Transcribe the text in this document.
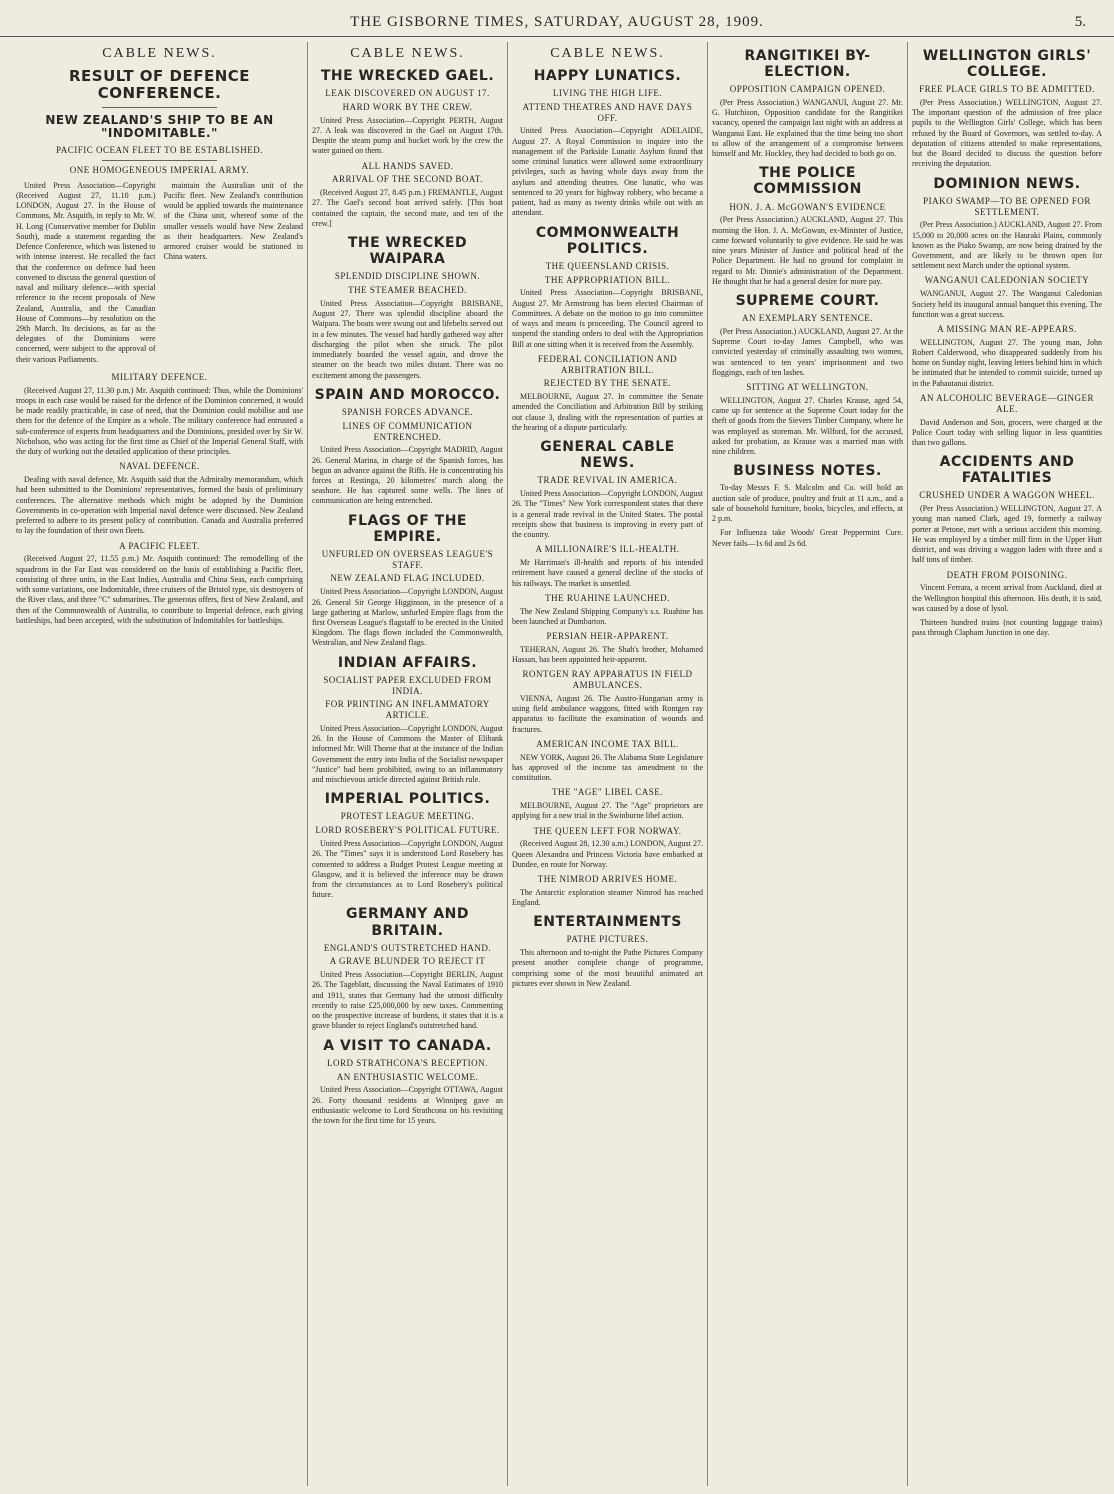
THE GISBORNE TIMES, SATURDAY, AUGUST 28, 1909.	5.
CABLE NEWS.
RESULT OF DEFENCE CONFERENCE.
NEW ZEALAND'S SHIP TO BE AN "INDOMITABLE."
PACIFIC OCEAN FLEET TO BE ESTABLISHED.
ONE HOMOGENEOUS IMPERIAL ARMY.

United Press Association—Copyright (Received August 27, 11.10 p.m.) LONDON, August 27. In the House of Commons, Mr. Asquith, in reply to Mr. W. H. Long (Conservative member for Dublin South), made a statement regarding the Defence Conference, which was listened to with intense interest. He recalled the fact that the conference on defence had been convened to discuss the general question of naval and military defence—with special reference to the recent proposals of New Zealand, Australia, and the Canadian House of Commons—by resolution on the 29th March. Its decisions, as far as the delegates of the Dominions were concerned, were subject to the approval of their various Parliaments.

maintain the Australian unit of the Pacific fleet. New Zealand's contribution would be applied towards the maintenance of the China unit, whereof some of the smaller vessels would have New Zealand as their headquarters. New Zealand's armored cruiser would be stationed in China waters.

MILITARY DEFENCE.

(Received August 27, 11.30 p.m.) Mr. Asquith continued: Thus, while the Dominions' troops in each case would be raised for the defence of the Dominion concerned, it would be made readily practicable, in case of need, that the Dominion could mobilise and use them for the defence of the Empire as a whole. The military conference had entrusted a sub-conference of experts from headquarters and the Dominions, presided over by Sir W. Nicholson, who was acting for the first time as Chief of the Imperial General Staff, with the duty of working out the detailed application of these principles.

NAVAL DEFENCE.

Dealing with naval defence, Mr. Asquith said that the Admiralty memorandum, which had been submitted to the Dominions' representatives, formed the basis of preliminary conferences. The alternative methods which might be adopted by the Dominion Governments in co-operation with Imperial naval defence were discussed. New Zealand preferred to adhere to its present policy of contribution. Canada and Australia preferred to lay the foundation of their own fleets.

A PACIFIC FLEET.

(Received August 27, 11.55 p.m.) Mr. Asquith continued: The remodelling of the squadrons in the Far East was considered on the basis of establishing a Pacific fleet, consisting of three units, in the East Indies, Australia and China Seas, each comprising with some variations, one Indomitable, three cruisers of the Bristol type, six destroyers of the River class, and three "C" submarines. The generous offers, first of New Zealand, and then of the Commonwealth of Australia, to contribute to Imperial defence, each giving battleships, had been accepted, with the substitution of Indomitables for battleships.

CABLE NEWS.
THE WRECKED GAEL.
LEAK DISCOVERED ON AUGUST 17.
HARD WORK BY THE CREW.

United Press Association—Copyright PERTH, August 27. A leak was discovered in the Gael on August 17th. Despite the steam pump and bucket work by the crew the water gained on them.

ALL HANDS SAVED.
ARRIVAL OF THE SECOND BOAT.

(Received August 27, 8.45 p.m.) FREMANTLE, August 27. The Gael's second boat arrived safely. [This boat contained the captain, the second mate, and ten of the crew.]

THE WRECKED WAIPARA
SPLENDID DISCIPLINE SHOWN.
THE STEAMER BEACHED.

United Press Association—Copyright BRISBANE, August 27. There was splendid discipline aboard the Waipara. The boats were swung out and lifebelts served out in a few minutes. The vessel had hardly gathered way after discharging the pilot when she struck. The pilot immediately boarded the vessel again, and drove the steamer on the beach two miles distant. There was no excitement among the passengers.

SPAIN AND MOROCCO.
SPANISH FORCES ADVANCE.
LINES OF COMMUNICATION ENTRENCHED.

United Press Association—Copyright MADRID, August 26. General Marina, in charge of the Spanish forces, has begun an advance against the Riffs. He is concentrating his forces at Restinga, 20 kilometres' march along the seashore. He has captured some wells. The lines of communication are being entrenched.

FLAGS OF THE EMPIRE.
UNFURLED ON OVERSEAS LEAGUE'S STAFF.
NEW ZEALAND FLAG INCLUDED.

United Press Association—Copyright LONDON, August 26. General Sir George Higginson, in the presence of a large gathering at Marlow, unfurled Empire flags from the first Overseas League's flagstaff to be erected in the United Kingdom. The flags flown included the Commonwealth, Westralian, and New Zealand flags.

INDIAN AFFAIRS.
SOCIALIST PAPER EXCLUDED FROM INDIA.
FOR PRINTING AN INFLAMMATORY ARTICLE.

United Press Association—Copyright LONDON, August 26. In the House of Commons the Master of Elibank informed Mr. Will Thorne that at the instance of the Indian Government the entry into India of the Socialist newspaper "Justice" had been prohibited, owing to an inflammatory and mischievous article directed against British rule.

IMPERIAL POLITICS.
PROTEST LEAGUE MEETING.
LORD ROSEBERY'S POLITICAL FUTURE.

United Press Association—Copyright LONDON, August 26. The "Times" says it is understood Lord Rosebery has consented to address a Budget Protest League meeting at Glasgow, and it is believed the inference may be drawn from the circumstances as to Lord Rosebery's political future.

GERMANY AND BRITAIN.
ENGLAND'S OUTSTRETCHED HAND.
A GRAVE BLUNDER TO REJECT IT

United Press Association—Copyright BERLIN, August 26. The Tageblatt, discussing the Naval Estimates of 1910 and 1911, states that Germany had the utmost difficulty recently to raise £25,000,000 by new taxes. Commenting on the prospective increase of burdens, it states that it is a grave blunder to reject England's outstretched hand.

A VISIT TO CANADA.
LORD STRATHCONA'S RECEPTION.
AN ENTHUSIASTIC WELCOME.

United Press Association—Copyright OTTAWA, August 26. Forty thousand residents at Winnipeg gave an enthusiastic welcome to Lord Strathcona on his revisiting the town for the first time for 15 years.

CABLE NEWS.
HAPPY LUNATICS.
LIVING THE HIGH LIFE.
ATTEND THEATRES AND HAVE DAYS OFF.

United Press Association—Copyright ADELAIDE, August 27. A Royal Commission to inquire into the management of the Parkside Lunatic Asylum found that some criminal lunatics were allowed some extraordinary privileges, such as having whole days away from the asylum and attending theatres. One lunatic, who was sentenced to 20 years for highway robbery, who became a patient, had as many as twenty drinks while out with an attendant.

COMMONWEALTH POLITICS.
THE QUEENSLAND CRISIS.
THE APPROPRIATION BILL.

United Press Association—Copyright BRISBANE, August 27. Mr Armstrong has been elected Chairman of Committees. A debate on the motion to go into committee of ways and means is proceeding. The Council agreed to suspend the standing orders to deal with the Appropriation Bill at one sitting when it is received from the Assembly.

FEDERAL CONCILIATION AND ARBITRATION BILL.
REJECTED BY THE SENATE.

MELBOURNE, August 27. In committee the Senate amended the Conciliation and Arbitration Bill by striking out clause 3, dealing with the representation of parties at the hearing of a dispute particularly.

GENERAL CABLE NEWS.
TRADE REVIVAL IN AMERICA.

United Press Association—Copyright LONDON, August 26. The "Times" New York correspondent states that there is a general trade revival in the United States. The postal receipts show that business is improving in every part of the country.

A MILLIONAIRE'S ILL-HEALTH.

Mr Harriman's ill-health and reports of his intended retirement have caused a general decline of the stocks of his railways. The market is unsettled.

THE RUAHINE LAUNCHED.

The New Zealand Shipping Company's s.s. Ruahine has been launched at Dumbarton.

PERSIAN HEIR-APPARENT.

TEHERAN, August 26. The Shah's brother, Mohamed Hassan, has been appointed heir-apparent.

RONTGEN RAY APPARATUS IN FIELD AMBULANCES.

VIENNA, August 26. The Austro-Hungarian army is using field ambulance waggons, fitted with Rontgen ray apparatus to facilitate the examination of wounds and fractures.

AMERICAN INCOME TAX BILL.

NEW YORK, August 26. The Alabama State Legislature has approved of the income tax amendment to the constitution.

THE "AGE" LIBEL CASE.

MELBOURNE, August 27. The "Age" proprietors are applying for a new trial in the Swinburne libel action.

THE QUEEN LEFT FOR NORWAY.

(Received August 28, 12.30 a.m.) LONDON, August 27. Queen Alexandra and Princess Victoria have embarked at Dundee, en route for Norway.

THE NIMROD ARRIVES HOME.

The Antarctic exploration steamer Nimrod has reached England.

ENTERTAINMENTS
PATHE PICTURES.

This afternoon and to-night the Pathe Pictures Company present another complete change of programme, comprising some of the most beautiful animated art pictures ever shown in New Zealand.

RANGITIKEI BY-ELECTION.
OPPOSITION CAMPAIGN OPENED.

(Per Press Association.) WANGANUI, August 27. Mr. G. Hutchison, Opposition candidate for the Rangitikei vacancy, opened the campaign last night with an address at Wanganui East. He explained that the time being too short to allow of the arrangement of a compromise between himself and Mr. Hockley, they had decided to both go on.

THE POLICE COMMISSION
HON. J. A. McGOWAN'S EVIDENCE

(Per Press Association.) AUCKLAND, August 27. This morning the Hon. J. A. McGowan, ex-Minister of Justice, came forward voluntarily to give evidence. He said he was nine years Minister of Justice and political head of the Police Department. He had no ground for complaint in regard to Mr. Dinnie's administration of the Department. He thought that he had a general desire for more pay.

SUPREME COURT.
AN EXEMPLARY SENTENCE.

(Per Press Association.) AUCKLAND, August 27. At the Supreme Court to-day James Campbell, who was convicted yesterday of criminally assaulting two women, was sentenced to ten years' imprisonment and two floggings, each of ten lashes.

SITTING AT WELLINGTON.

WELLINGTON, August 27. Charles Krause, aged 54, came up for sentence at the Supreme Court today for the theft of goods from the Sievers Timber Company, where he was employed as storeman. Mr. Wilford, for the accused, asked for probation, as Krause was a married man with nine children.

BUSINESS NOTES.

To-day Messrs F. S. Malcolm and Co. will hold an auction sale of produce, poultry and fruit at 11 a.m., and a sale of household furniture, books, bicycles, and effects, at 2 p.m.

For Influenza take Woods' Great Peppermint Cure. Never fails—1s 6d and 2s 6d.

WELLINGTON GIRLS' COLLEGE.
FREE PLACE GIRLS TO BE ADMITTED.

(Per Press Association.) WELLINGTON, August 27. The important question of the admission of free place pupils to the Wellington Girls' College, which has been refused by the Board of Governors, was settled to-day. A deputation of citizens attended to make representations, but the Board decided to discuss the question before receiving the deputation.

DOMINION NEWS.
PIAKO SWAMP—TO BE OPENED FOR SETTLEMENT.

(Per Press Association.) AUCKLAND, August 27. From 15,000 to 20,000 acres on the Hauraki Plains, commonly known as the Piako Swamp, are now being drained by the Government, and are likely to be thrown open for settlement next March under the optional system.

WANGANUI CALEDONIAN SOCIETY

WANGANUI, August 27. The Wanganui Caledonian Society held its inaugural annual banquet this evening. The function was a great success.

A MISSING MAN RE-APPEARS.

WELLINGTON, August 27. The young man, John Robert Calderwood, who disappeared suddenly from his home on Sunday night, leaving letters behind him in which he intimated that he intended to commit suicide, turned up in the Pahautanui district.

AN ALCOHOLIC BEVERAGE—GINGER ALE.

David Anderson and Son, grocers, were charged at the Police Court today with selling liquor in less quantities than two gallons.

ACCIDENTS AND FATALITIES
CRUSHED UNDER A WAGGON WHEEL.

(Per Press Association.) WELLINGTON, August 27. A young man named Clark, aged 19, formerly a railway porter at Petone, met with a serious accident this morning. He was employed by a timber mill firm in the Upper Hutt district, and was driving a waggon laden with three and a half tons of timber.

DEATH FROM POISONING.

Vincent Ferrara, a recent arrival from Auckland, died at the Wellington hospital this afternoon. His death, it is said, was caused by a dose of lysol.

Thirteen hundred trains (not counting luggage trains) pass through Clapham Junction in one day.
